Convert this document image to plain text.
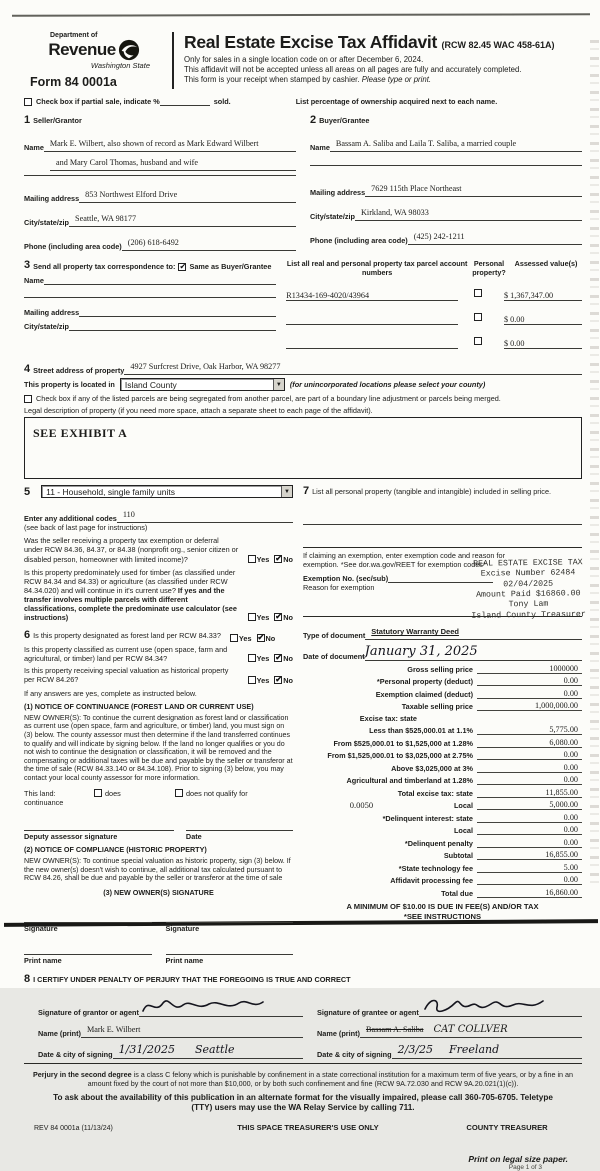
Department of
Revenue
Washington State
Form 84 0001a
Real Estate Excise Tax Affidavit (RCW 82.45 WAC 458-61A)
Only for sales in a single location code on or after December 6, 2024.
This affidavit will not be accepted unless all areas on all pages are fully and accurately completed.
This form is your receipt when stamped by cashier. Please type or print.
Check box if partial sale, indicate %	sold.	List percentage of ownership acquired next to each name.
1 Seller/Grantor
Name Mark E. Wilbert, also shown of record as Mark Edward Wilbert
and Mary Carol Thomas, husband and wife
Mailing address 853 Northwest Elford Drive
City/state/zip Seattle, WA 98177
Phone (including area code) (206) 618-6492
2 Buyer/Grantee
Name Bassam A. Saliba and Laila T. Saliba, a married couple
Mailing address 7629 115th Place Northeast
City/state/zip Kirkland, WA 98033
Phone (including area code) (425) 242-1211
3 Send all property tax correspondence to: ✔ Same as Buyer/Grantee
Name
Mailing address
City/state/zip
List all real and personal property tax parcel account numbers
Personal property?
Assessed value(s)
R13434-169-4020/43964	$ 1,367,347.00
$ 0.00
$ 0.00
4 Street address of property 4927 Surfcrest Drive, Oak Harbor, WA 98277
This property is located in	Island County	▼ (for unincorporated locations please select your county)
Check box if any of the listed parcels are being segregated from another parcel, are part of a boundary line adjustment or parcels being merged.
Legal description of property (if you need more space, attach a separate sheet to each page of the affidavit).
SEE EXHIBIT A
5	11 - Household, single family units	▼
Enter any additional codes 110
(see back of last page for instructions)
Was the seller receiving a property tax exemption or deferral under RCW 84.36, 84.37, or 84.38 (nonprofit org., senior citizen or disabled person, homeowner with limited income)?	Yes ✔ No
Is this property predominately used for timber (as classified under RCW 84.34 and 84.33) or agriculture (as classified under RCW 84.34.020) and will continue in it's current use? If yes and the transfer involves multiple parcels with different classifications, complete the predominate use calculator (see instructions)	Yes ✔ No
6 Is this property designated as forest land per RCW 84.33?	Yes ✔ No
Is this property classified as current use (open space, farm and agricultural, or timber) land per RCW 84.34?	Yes ✔ No
Is this property receiving special valuation as historical property per RCW 84.26?	Yes ✔ No
If any answers are yes, complete as instructed below.
(1) NOTICE OF CONTINUANCE (FOREST LAND OR CURRENT USE)
NEW OWNER(S): To continue the current designation as forest land or classification as current use (open space, farm and agriculture, or timber) land, you must sign on (3) below. The county assessor must then determine if the land transferred continues to qualify and will indicate by signing below. If the land no longer qualifies or you do not wish to continue the designation or classification, it will be removed and the compensating or additional taxes will be due and payable by the seller or transferor at the time of sale (RCW 84.33.140 or 84.34.108). Prior to signing (3) below, you may contact your local county assessor for more information.
This land:	does	does not qualify for
continuance
Deputy assessor signature	Date
(2) NOTICE OF COMPLIANCE (HISTORIC PROPERTY)
NEW OWNER(S): To continue special valuation as historic property, sign (3) below. If the new owner(s) doesn't wish to continue, all additional tax calculated pursuant to RCW 84.26, shall be due and payable by the seller or transferor at the time of sale
(3) NEW OWNER(S) SIGNATURE
Signature	Signature
Print name	Print name
7 List all personal property (tangible and intangible) included in selling price.
If claiming an exemption, enter exemption code and reason for
exemption. *See dor.wa.gov/REET for exemption codes*
Exemption No. (sec/sub)
Reason for exemption
REAL ESTATE EXCISE TAX
Excise Number 62484
02/04/2025
Amount Paid $16860.00
Tony Lam
Island County Treasurer
Type of document Statutory Warranty Deed
Date of document January 31, 2025
Gross selling price	1000000
*Personal property (deduct)	0.00
Exemption claimed (deduct)	0.00
Taxable selling price	1,000,000.00
Excise tax: state
Less than $525,000.01 at 1.1%	5,775.00
From $525,000.01 to $1,525,000 at 1.28%	6,080.00
From $1,525,000.01 to $3,025,000 at 2.75%	0.00
Above $3,025,000 at 3%	0.00
Agricultural and timberland at 1.28%	0.00
Total excise tax: state	11,855.00
0.0050	Local	5,000.00
*Delinquent interest: state	0.00
Local	0.00
*Delinquent penalty	0.00
Subtotal	16,855.00
*State technology fee	5.00
Affidavit processing fee	0.00
Total due	16,860.00
A MINIMUM OF $10.00 IS DUE IN FEE(S) AND/OR TAX
*SEE INSTRUCTIONS
8 I CERTIFY UNDER PENALTY OF PERJURY THAT THE FOREGOING IS TRUE AND CORRECT
Signature of grantor or agent
Name (print) Mark E. Wilbert
Date & city of signing 1/31/2025 Seattle
Signature of grantee or agent
Name (print) Bassam A. Saliba CAT COLLVER
Date & city of signing 2/3/25 Freeland
Perjury in the second degree is a class C felony which is punishable by confinement in a state correctional institution for a maximum term of five years, or by a fine in an amount fixed by the court of not more than $10,000, or by both such confinement and fine (RCW 9A.72.030 and RCW 9A.20.021(1)(c)).
To ask about the availability of this publication in an alternate format for the visually impaired, please call 360-705-6705. Teletype
(TTY) users may use the WA Relay Service by calling 711.
REV 84 0001a (11/13/24)	THIS SPACE TREASURER'S USE ONLY	COUNTY TREASURER
Print on legal size paper.
Page 1 of 3
